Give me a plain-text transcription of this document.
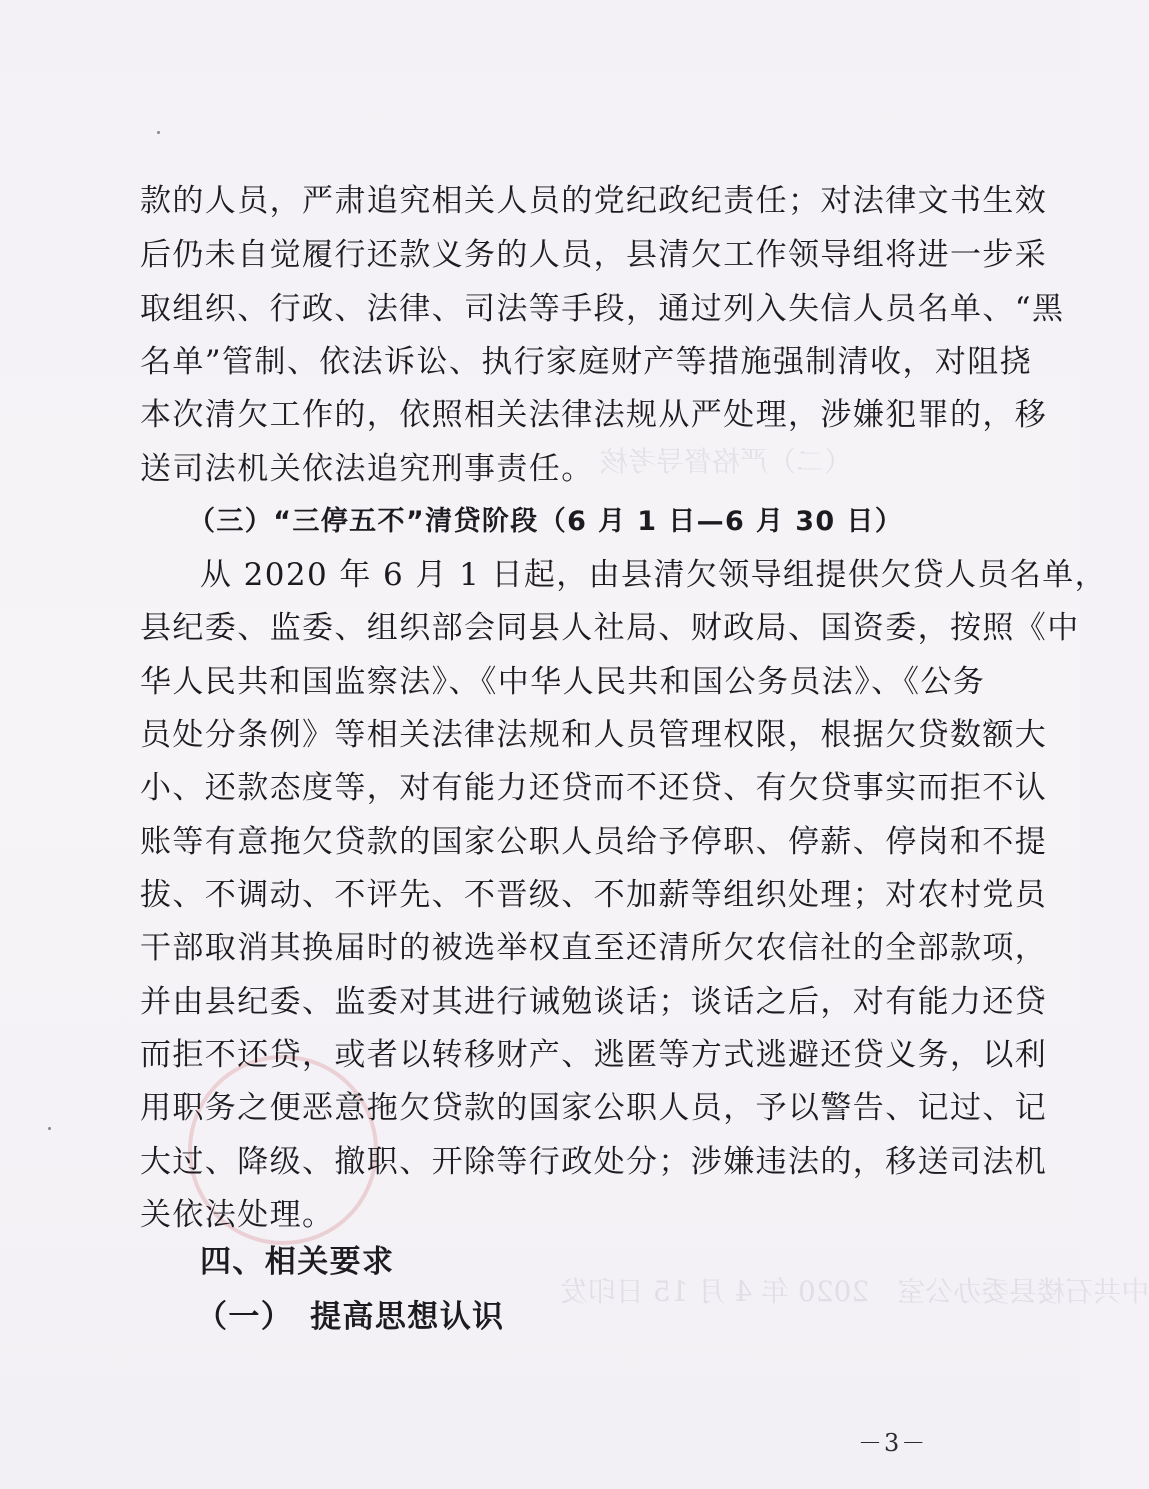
（二）严格督导考核
中共石楼县委办公室　2020 年 4 月 15 日印发
款的人员，严肃追究相关人员的党纪政纪责任；对法律文书生效
后仍未自觉履行还款义务的人员，县清欠工作领导组将进一步采
取组织、行政、法律、司法等手段，通过列入失信人员名单、“黑
名单”管制、依法诉讼、执行家庭财产等措施强制清收，对阻挠
本次清欠工作的，依照相关法律法规从严处理，涉嫌犯罪的，移
送司法机关依法追究刑事责任。
（三）“三停五不”清贷阶段（6 月 1 日—6 月 30 日）
从 2020 年 6 月 1 日起，由县清欠领导组提供欠贷人员名单，
县纪委、监委、组织部会同县人社局、财政局、国资委，按照《中
华人民共和国监察法》、《中华人民共和国公务员法》、《公务
员处分条例》等相关法律法规和人员管理权限，根据欠贷数额大
小、还款态度等，对有能力还贷而不还贷、有欠贷事实而拒不认
账等有意拖欠贷款的国家公职人员给予停职、停薪、停岗和不提
拔、不调动、不评先、不晋级、不加薪等组织处理；对农村党员
干部取消其换届时的被选举权直至还清所欠农信社的全部款项，
并由县纪委、监委对其进行诫勉谈话；谈话之后，对有能力还贷
而拒不还贷，或者以转移财产、逃匿等方式逃避还贷义务，以利
用职务之便恶意拖欠贷款的国家公职人员，予以警告、记过、记
大过、降级、撤职、开除等行政处分；涉嫌违法的，移送司法机
关依法处理。
四、相关要求
（一）　提高思想认识
－3－
